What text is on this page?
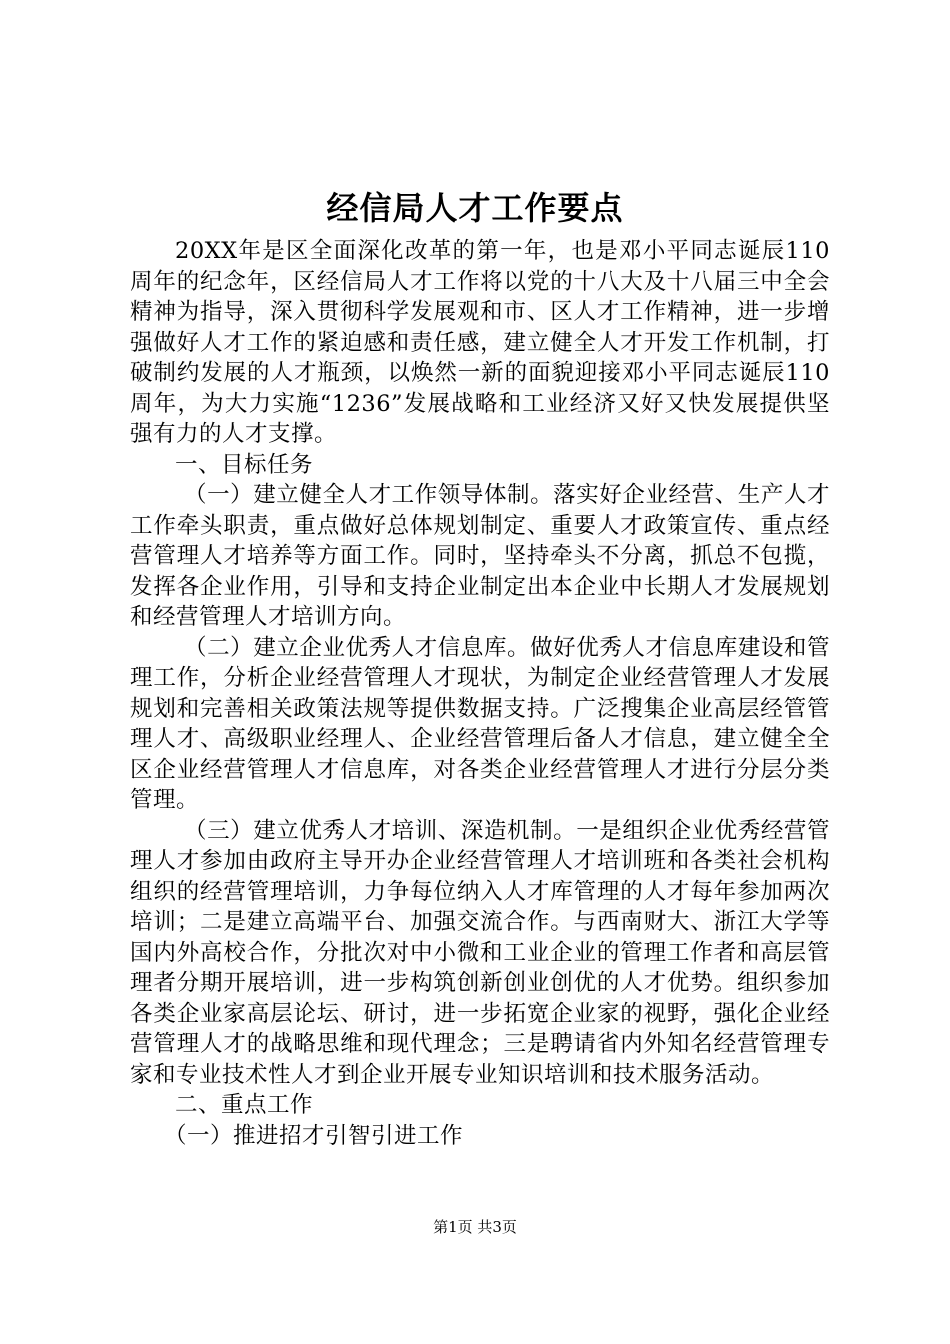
经信局人才工作要点

20XX年是区全面深化改革的第一年，也是邓小平同志诞辰110周年的纪念年，区经信局人才工作将以党的十八大及十八届三中全会精神为指导，深入贯彻科学发展观和市、区人才工作精神，进一步增强做好人才工作的紧迫感和责任感，建立健全人才开发工作机制，打破制约发展的人才瓶颈，以焕然一新的面貌迎接邓小平同志诞辰110周年，为大力实施“1236”发展战略和工业经济又好又快发展提供坚强有力的人才支撑。

一、目标任务

（一）建立健全人才工作领导体制。落实好企业经营、生产人才工作牵头职责，重点做好总体规划制定、重要人才政策宣传、重点经营管理人才培养等方面工作。同时，坚持牵头不分离，抓总不包揽，发挥各企业作用，引导和支持企业制定出本企业中长期人才发展规划和经营管理人才培训方向。

（二）建立企业优秀人才信息库。做好优秀人才信息库建设和管理工作，分析企业经营管理人才现状，为制定企业经营管理人才发展规划和完善相关政策法规等提供数据支持。广泛搜集企业高层经管管理人才、高级职业经理人、企业经营管理后备人才信息，建立健全全区企业经营管理人才信息库，对各类企业经营管理人才进行分层分类管理。

（三）建立优秀人才培训、深造机制。一是组织企业优秀经营管理人才参加由政府主导开办企业经营管理人才培训班和各类社会机构组织的经营管理培训，力争每位纳入人才库管理的人才每年参加两次培训；二是建立高端平台、加强交流合作。与西南财大、浙江大学等国内外高校合作，分批次对中小微和工业企业的管理工作者和高层管理者分期开展培训，进一步构筑创新创业创优的人才优势。组织参加各类企业家高层论坛、研讨，进一步拓宽企业家的视野，强化企业经营管理人才的战略思维和现代理念；三是聘请省内外知名经营管理专家和专业技术性人才到企业开展专业知识培训和技术服务活动。

二、重点工作

（一）推进招才引智引进工作

第1页 共3页
